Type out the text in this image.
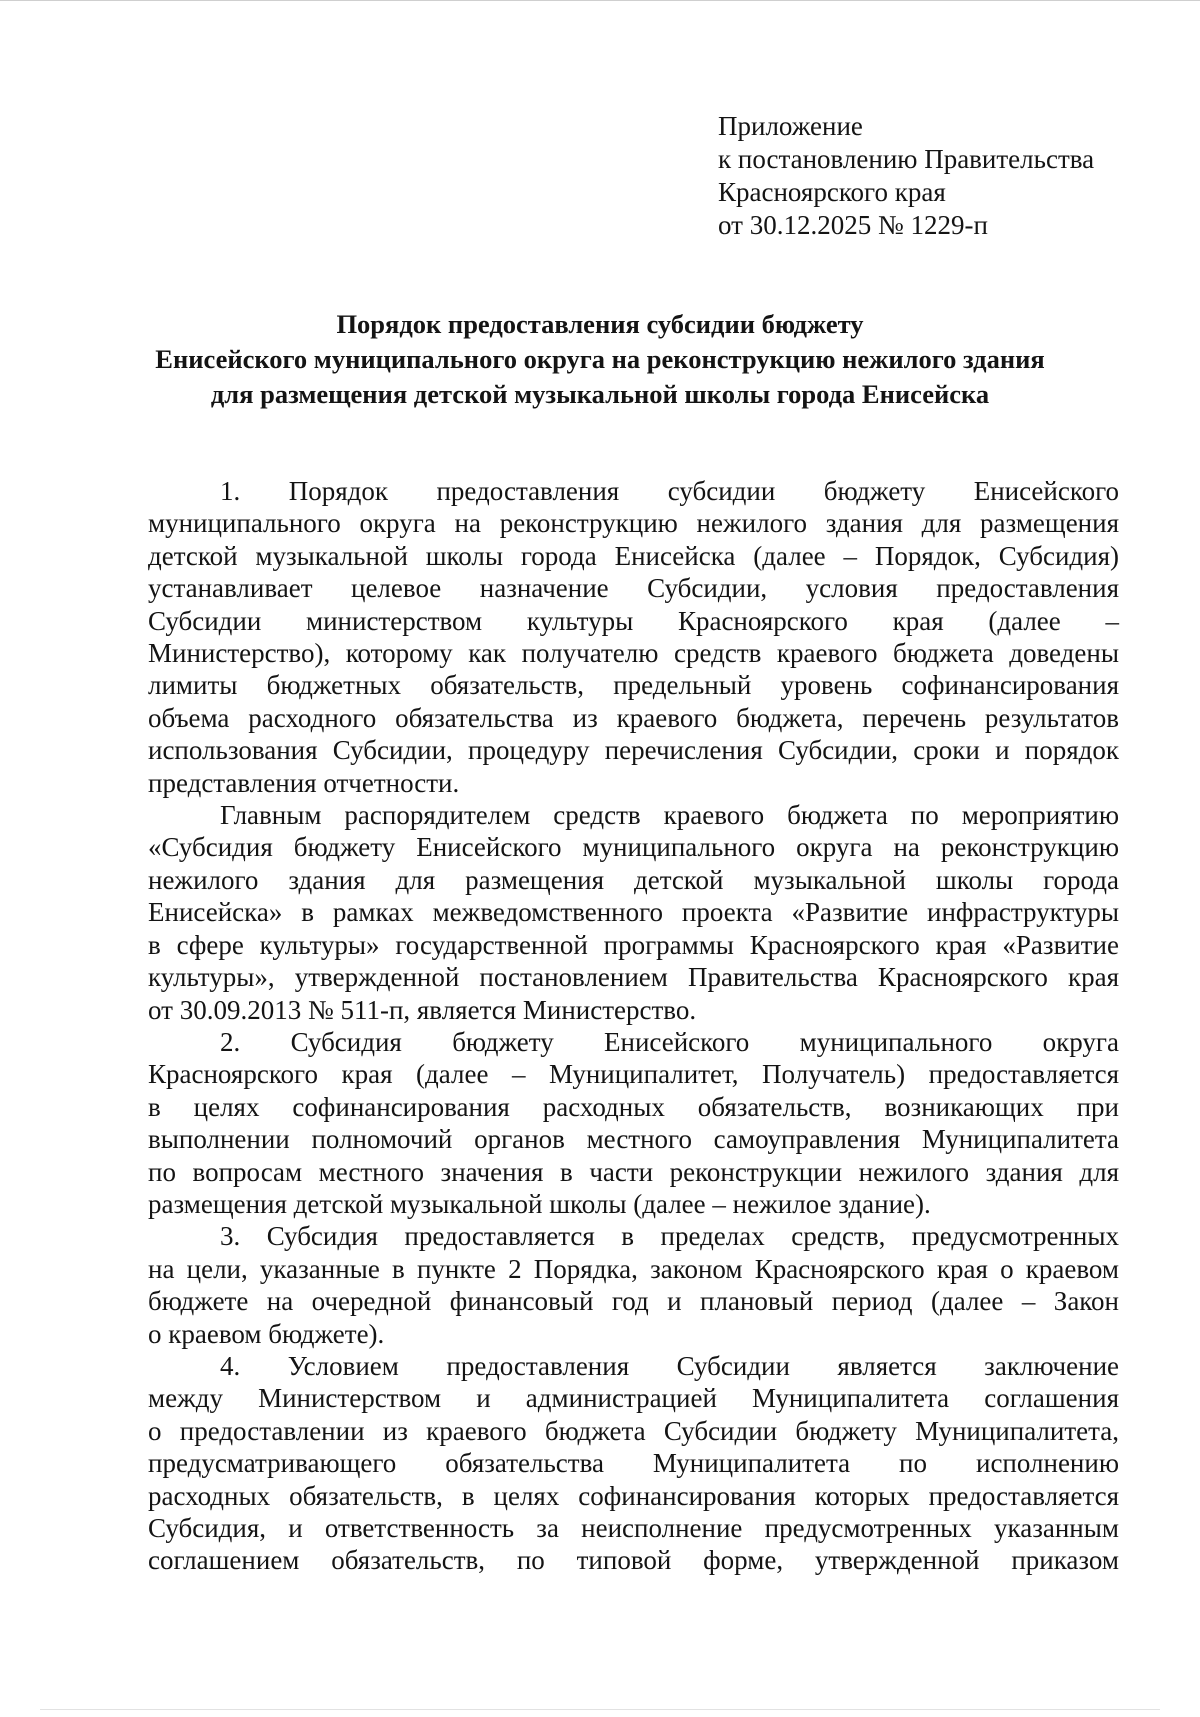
Приложение
к постановлению Правительства
Красноярского края
от 30.12.2025 № 1229-п
Порядок предоставления субсидии бюджету
Енисейского муниципального округа на реконструкцию нежилого здания
для размещения детской музыкальной школы города Енисейска
1. Порядок предоставления субсидии бюджету Енисейского
муниципального округа на реконструкцию нежилого здания для размещения
детской музыкальной школы города Енисейска (далее – Порядок, Субсидия)
устанавливает целевое назначение Субсидии, условия предоставления
Субсидии министерством культуры Красноярского края (далее –
Министерство), которому как получателю средств краевого бюджета доведены
лимиты бюджетных обязательств, предельный уровень софинансирования
объема расходного обязательства из краевого бюджета, перечень результатов
использования Субсидии, процедуру перечисления Субсидии, сроки и порядок
представления отчетности.
Главным распорядителем средств краевого бюджета по мероприятию
«Субсидия бюджету Енисейского муниципального округа на реконструкцию
нежилого здания для размещения детской музыкальной школы города
Енисейска» в рамках межведомственного проекта «Развитие инфраструктуры
в сфере культуры» государственной программы Красноярского края «Развитие
культуры», утвержденной постановлением Правительства Красноярского края
от 30.09.2013 № 511-п, является Министерство.
2. Субсидия бюджету Енисейского муниципального округа
Красноярского края (далее – Муниципалитет, Получатель) предоставляется
в целях софинансирования расходных обязательств, возникающих при
выполнении полномочий органов местного самоуправления Муниципалитета
по вопросам местного значения в части реконструкции нежилого здания для
размещения детской музыкальной школы (далее – нежилое здание).
3. Субсидия предоставляется в пределах средств, предусмотренных
на цели, указанные в пункте 2 Порядка, законом Красноярского края о краевом
бюджете на очередной финансовый год и плановый период (далее – Закон
о краевом бюджете).
4. Условием предоставления Субсидии является заключение
между Министерством и администрацией Муниципалитета соглашения
о предоставлении из краевого бюджета Субсидии бюджету Муниципалитета,
предусматривающего обязательства Муниципалитета по исполнению
расходных обязательств, в целях софинансирования которых предоставляется
Субсидия, и ответственность за неисполнение предусмотренных указанным
соглашением обязательств, по типовой форме, утвержденной приказом
